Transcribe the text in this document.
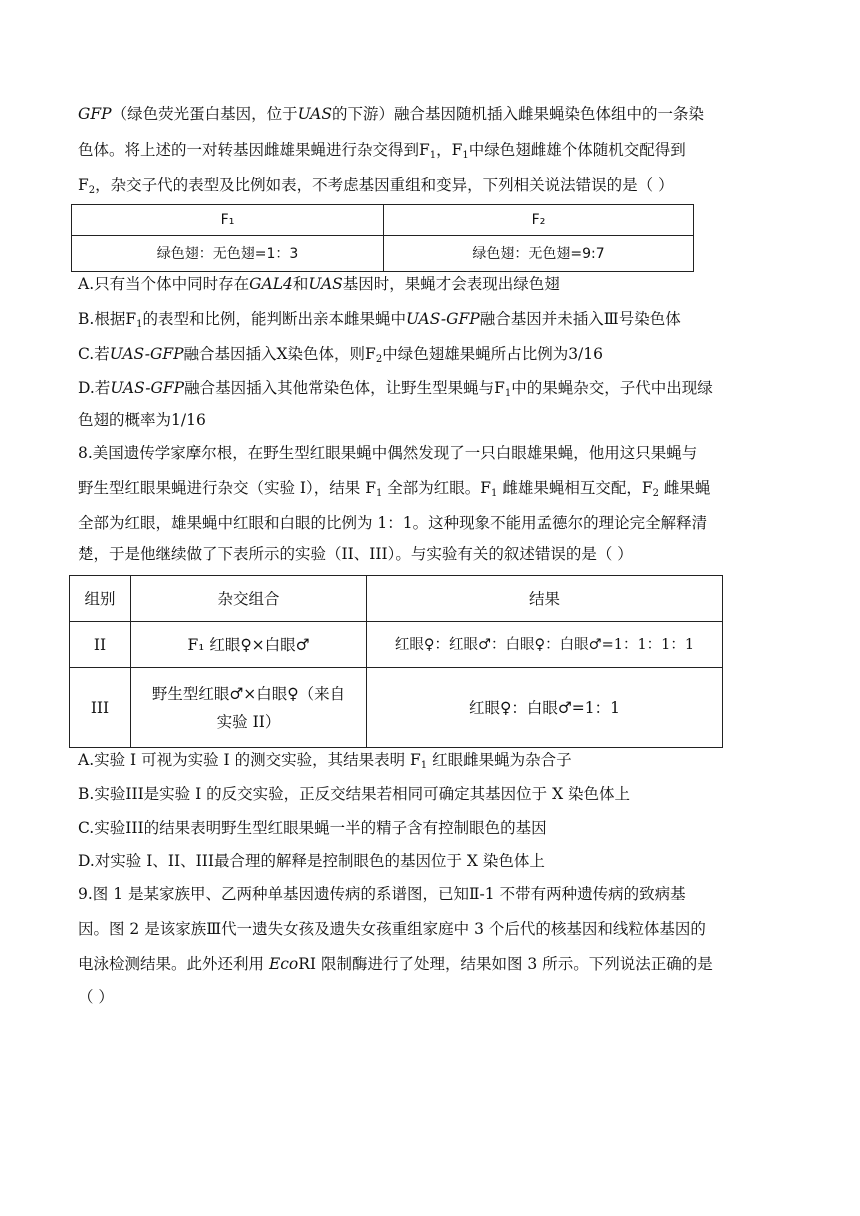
GFP（绿色荧光蛋白基因，位于UAS的下游）融合基因随机插入雌果蝇染色体组中的一条染
色体。将上述的一对转基因雌雄果蝇进行杂交得到$F_1$，$F_1$中绿色翅雌雄个体随机交配得到
$F_2$，杂交子代的表型及比例如表，不考虑基因重组和变异，下列相关说法错误的是（ ）
F₁	F₂
绿色翅：无色翅=1：3	绿色翅：无色翅=9:7
A.只有当个体中同时存在GAL4和UAS基因时，果蝇才会表现出绿色翅
B.根据$F_1$的表型和比例，能判断出亲本雌果蝇中UAS-GFP融合基因并未插入Ⅲ号染色体
C.若UAS-GFP融合基因插入X染色体，则$F_2$中绿色翅雄果蝇所占比例为3/16
D.若UAS-GFP融合基因插入其他常染色体，让野生型果蝇与$F_1$中的果蝇杂交，子代中出现绿
色翅的概率为1/16
8.美国遗传学家摩尔根，在野生型红眼果蝇中偶然发现了一只白眼雄果蝇，他用这只果蝇与
野生型红眼果蝇进行杂交（实验 I），结果 $F_1$ 全部为红眼。$F_1$ 雌雄果蝇相互交配，$F_2$ 雌果蝇
全部为红眼，雄果蝇中红眼和白眼的比例为 1：1。这种现象不能用孟德尔的理论完全解释清
楚，于是他继续做了下表所示的实验（II、III）。与实验有关的叙述错误的是（ ）
组别	杂交组合	结果
II	F₁ 红眼♀×白眼♂	红眼♀：红眼♂：白眼♀：白眼♂=1：1：1：1
III	野生型红眼♂×白眼♀（来自
实验 II）	红眼♀：白眼♂=1：1
A.实验 I 可视为实验 I 的测交实验，其结果表明 $F_1$ 红眼雌果蝇为杂合子
B.实验III是实验 I 的反交实验，正反交结果若相同可确定其基因位于 X 染色体上
C.实验III的结果表明野生型红眼果蝇一半的精子含有控制眼色的基因
D.对实验 I、II、III最合理的解释是控制眼色的基因位于 X 染色体上
9.图 1 是某家族甲、乙两种单基因遗传病的系谱图，已知Ⅱ-1 不带有两种遗传病的致病基
因。图 2 是该家族Ⅲ代一遗失女孩及遗失女孩重组家庭中 3 个后代的核基因和线粒体基因的
电泳检测结果。此外还利用 EcoRI 限制酶进行了处理，结果如图 3 所示。下列说法正确的是
（ ）
